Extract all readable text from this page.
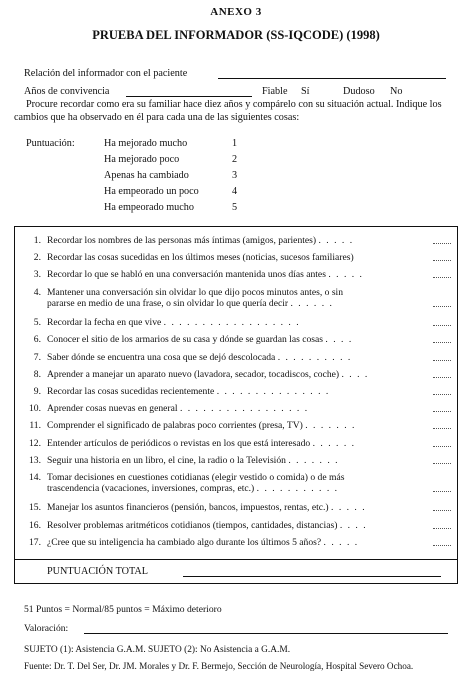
ANEXO 3
PRUEBA DEL INFORMADOR (SS-IQCODE) (1998)
Relación del informador con el paciente
Años de convivencia	Fiable Sí	Dudoso No
Procure recordar como era su familiar hace diez años y compárelo con su situación actual. Indique los cambios que ha observado en él para cada una de las siguientes cosas:
Puntuación:	Ha mejorado mucho	1
Ha mejorado poco	2
Apenas ha cambiado	3
Ha empeorado un poco	4
Ha empeorado mucho	5
1. Recordar los nombres de las personas más íntimas (amigos, parientes) . . . . .
2. Recordar las cosas sucedidas en los últimos meses (noticias, sucesos familiares)
3. Recordar lo que se habló en una conversación mantenida unos días antes . . . . .
4. Mantener una conversación sin olvidar lo que dijo pocos minutos antes, o sin
pararse en medio de una frase, o sin olvidar lo que quería decir . . . . . .
5. Recordar la fecha en que vive . . . . . . . . . . . . . . . . . .
6. Conocer el sitio de los armarios de su casa y dónde se guardan las cosas . . . .
7. Saber dónde se encuentra una cosa que se dejó descolocada . . . . . . . . . .
8. Aprender a manejar un aparato nuevo (lavadora, secador, tocadiscos, coche) . . . .
9. Recordar las cosas sucedidas recientemente . . . . . . . . . . . . . . .
10. Aprender cosas nuevas en general . . . . . . . . . . . . . . . . .
11. Comprender el significado de palabras poco corrientes (presa, TV) . . . . . . .
12. Entender artículos de periódicos o revistas en los que está interesado . . . . . .
13. Seguir una historia en un libro, el cine, la radio o la Televisión . . . . . . .
14. Tomar decisiones en cuestiones cotidianas (elegir vestido o comida) o de más
trascendencia (vacaciones, inversiones, compras, etc.) . . . . . . . . . . .
15. Manejar los asuntos financieros (pensión, bancos, impuestos, rentas, etc.) . . . . .
16. Resolver problemas aritméticos cotidianos (tiempos, cantidades, distancias) . . . .
17. ¿Cree que su inteligencia ha cambiado algo durante los últimos 5 años? . . . . .
PUNTUACIÓN TOTAL
51 Puntos = Normal/85 puntos = Máximo deterioro
Valoración:
SUJETO (1): Asistencia G.A.M. SUJETO (2): No Asistencia a G.A.M.
Fuente: Dr. T. Del Ser, Dr. JM. Morales y Dr. F. Bermejo, Sección de Neurología, Hospital Severo Ochoa.
